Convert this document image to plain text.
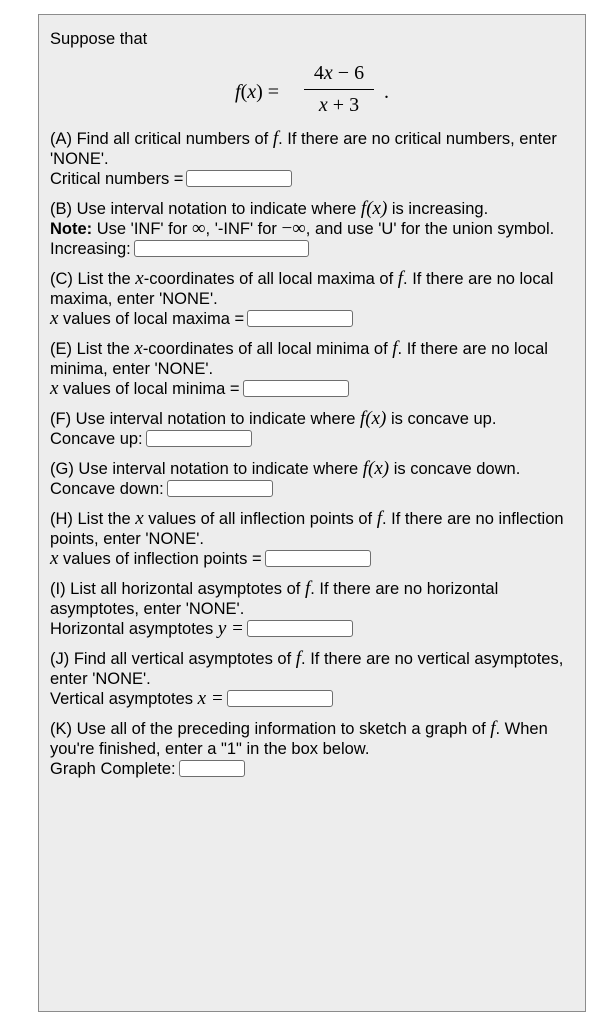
Suppose that
f(x) =
4x − 6
x + 3
.
(A) Find all critical numbers of f. If there are no critical numbers, enter 'NONE'.
Critical numbers =
(B) Use interval notation to indicate where f(x) is increasing.
Note: Use 'INF' for ∞, '-INF' for −∞, and use 'U' for the union symbol.
Increasing:
(C) List the x-coordinates of all local maxima of f. If there are no local maxima, enter 'NONE'.
x values of local maxima =
(E) List the x-coordinates of all local minima of f. If there are no local minima, enter 'NONE'.
x values of local minima =
(F) Use interval notation to indicate where f(x) is concave up.
Concave up:
(G) Use interval notation to indicate where f(x) is concave down.
Concave down:
(H) List the x values of all inflection points of f. If there are no inflection points, enter 'NONE'.
x values of inflection points =
(I) List all horizontal asymptotes of f. If there are no horizontal asymptotes, enter 'NONE'.
Horizontal asymptotes y =
(J) Find all vertical asymptotes of f. If there are no vertical asymptotes, enter 'NONE'.
Vertical asymptotes x =
(K) Use all of the preceding information to sketch a graph of f. When you're finished, enter a "1" in the box below.
Graph Complete:
